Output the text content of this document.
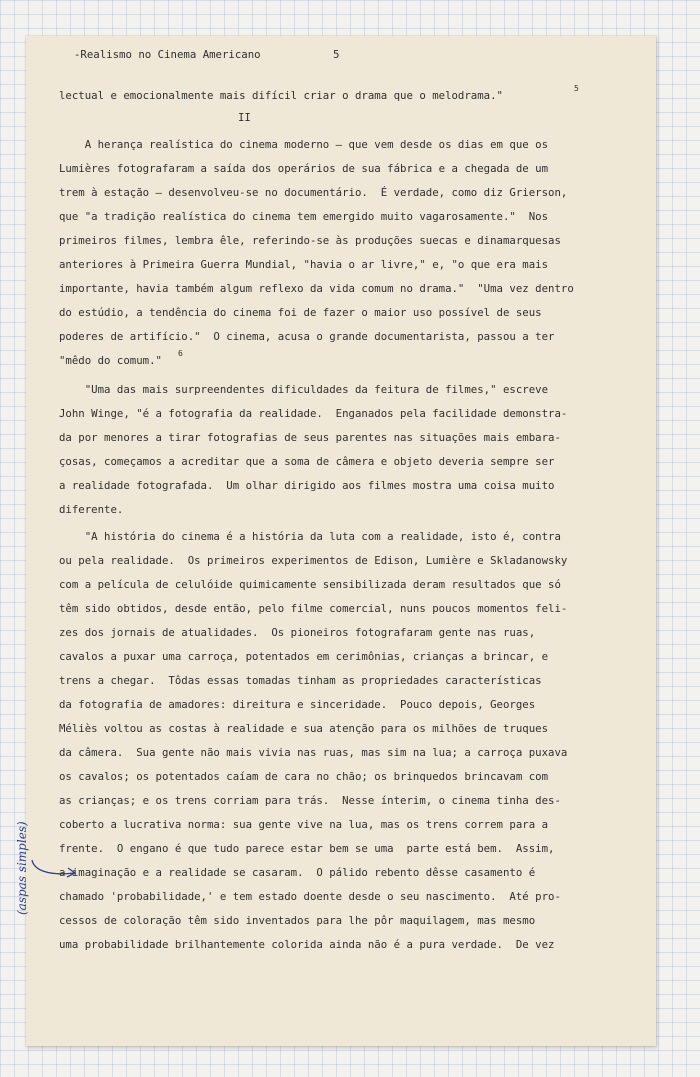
-Realismo no Cinema Americano	5
lectual e emocionalmente mais difícil criar o drama que o melodrama."
5
II
A herança realística do cinema moderno — que vem desde os dias em que os
Lumières fotografaram a saída dos operários de sua fábrica e a chegada de um
trem à estação — desenvolveu-se no documentário.  É verdade, como diz Grierson,
que "a tradição realística do cinema tem emergido muito vagarosamente."  Nos
primeiros filmes, lembra êle, referindo-se às produções suecas e dinamarquesas
anteriores à Primeira Guerra Mundial, "havia o ar livre," e, "o que era mais
importante, havia também algum reflexo da vida comum no drama."  "Uma vez dentro
do estúdio, a tendência do cinema foi de fazer o maior uso possível de seus
poderes de artifício."  O cinema, acusa o grande documentarista, passou a ter
"mêdo do comum."
6
"Uma das mais surpreendentes dificuldades da feitura de filmes," escreve
John Winge, "é a fotografia da realidade.  Enganados pela facilidade demonstra-
da por menores a tirar fotografias de seus parentes nas situações mais embara-
çosas, começamos a acreditar que a soma de câmera e objeto deveria sempre ser
a realidade fotografada.  Um olhar dirigido aos filmes mostra uma coisa muito
diferente.
"A história do cinema é a história da luta com a realidade, isto é, contra
ou pela realidade.  Os primeiros experimentos de Edison, Lumière e Skladanowsky
com a película de celulóide quimicamente sensibilizada deram resultados que só
têm sido obtidos, desde então, pelo filme comercial, nuns poucos momentos feli-
zes dos jornais de atualidades.  Os pioneiros fotografaram gente nas ruas,
cavalos a puxar uma carroça, potentados em cerimônias, crianças a brincar, e
trens a chegar.  Tôdas essas tomadas tinham as propriedades características
da fotografia de amadores: direitura e sinceridade.  Pouco depois, Georges
Méliès voltou as costas à realidade e sua atenção para os milhões de truques
da câmera.  Sua gente não mais vivia nas ruas, mas sim na lua; a carroça puxava
os cavalos; os potentados caíam de cara no chão; os brinquedos brincavam com
as crianças; e os trens corriam para trás.  Nesse ínterim, o cinema tinha des-
coberto a lucrativa norma: sua gente vive na lua, mas os trens correm para a
frente.  O engano é que tudo parece estar bem se uma  parte está bem.  Assim,
a imaginação e a realidade se casaram.  O pálido rebento dêsse casamento é
chamado 'probabilidade,' e tem estado doente desde o seu nascimento.  Até pro-
cessos de coloração têm sido inventados para lhe pôr maquilagem, mas mesmo
uma probabilidade brilhantemente colorida ainda não é a pura verdade.  De vez
(aspas simples)
